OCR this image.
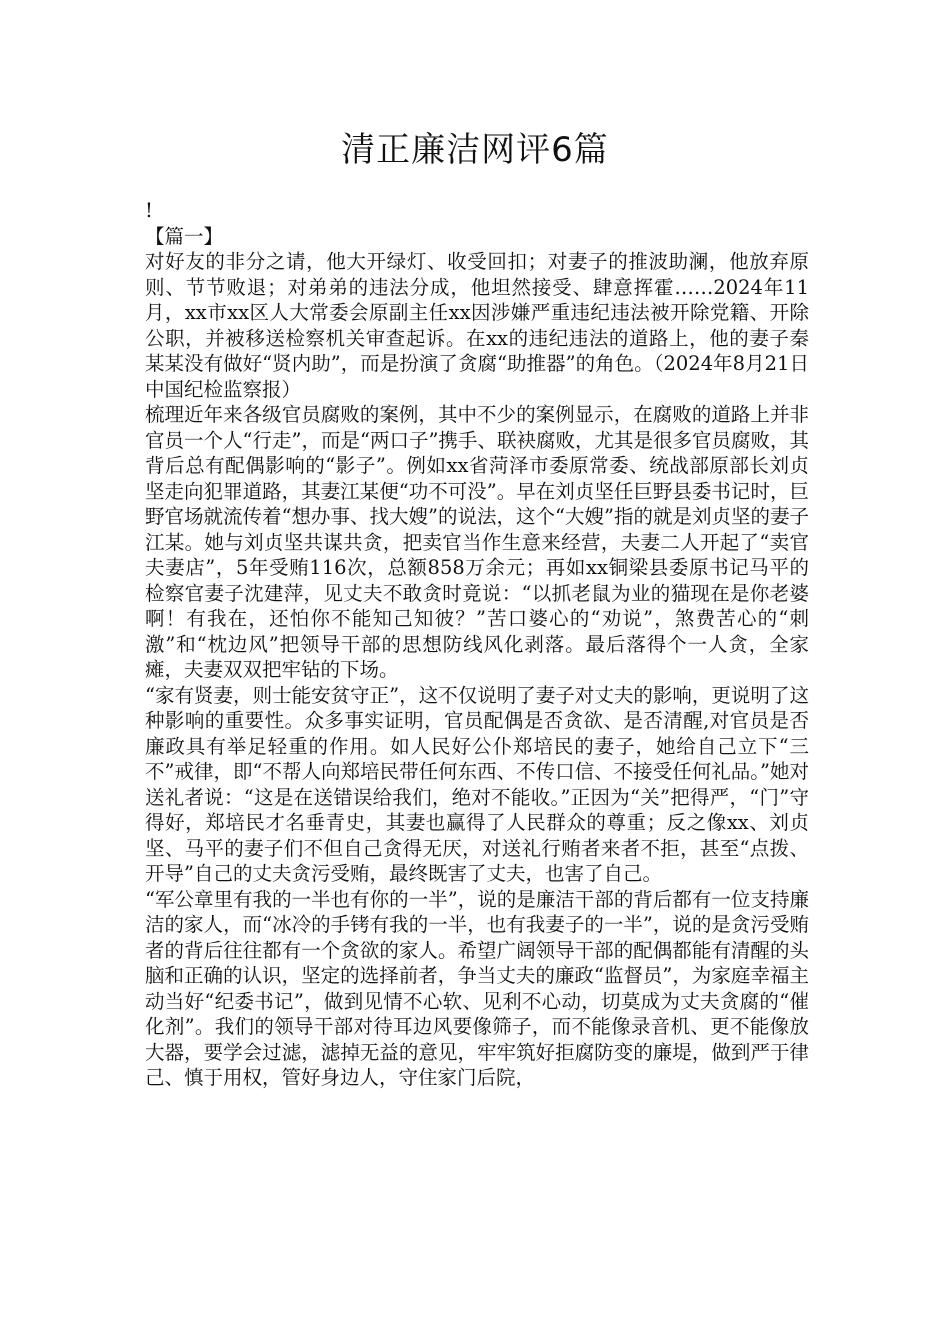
清正廉洁网评6篇

!

【篇一】

对好友的非分之请，他大开绿灯、收受回扣；对妻子的推波助澜，他放弃原则、节节败退；对弟弟的违法分成，他坦然接受、肆意挥霍……2024年11月，xx市xx区人大常委会原副主任xx因涉嫌严重违纪违法被开除党籍、开除公职，并被移送检察机关审查起诉。在xx的违纪违法的道路上，他的妻子秦某某没有做好“贤内助”，而是扮演了贪腐“助推器”的角色。（2024年8月21日中国纪检监察报）

梳理近年来各级官员腐败的案例，其中不少的案例显示，在腐败的道路上并非官员一个人“行走”，而是“两口子”携手、联袂腐败，尤其是很多官员腐败，其背后总有配偶影响的“影子”。例如xx省菏泽市委原常委、统战部原部长刘贞坚走向犯罪道路，其妻江某便“功不可没”。早在刘贞坚任巨野县委书记时，巨野官场就流传着“想办事、找大嫂”的说法，这个“大嫂”指的就是刘贞坚的妻子江某。她与刘贞坚共谋共贪，把卖官当作生意来经营，夫妻二人开起了“卖官夫妻店”，5年受贿116次，总额858万余元；再如xx铜梁县委原书记马平的检察官妻子沈建萍，见丈夫不敢贪时竟说：“以抓老鼠为业的猫现在是你老婆啊！有我在，还怕你不能知己知彼？”苦口婆心的“劝说”，煞费苦心的“刺激”和“枕边风”把领导干部的思想防线风化剥落。最后落得个一人贪，全家瘫，夫妻双双把牢钻的下场。

“家有贤妻，则士能安贫守正”，这不仅说明了妻子对丈夫的影响，更说明了这种影响的重要性。众多事实证明，官员配偶是否贪欲、是否清醒,对官员是否廉政具有举足轻重的作用。如人民好公仆郑培民的妻子，她给自己立下“三不”戒律，即“不帮人向郑培民带任何东西、不传口信、不接受任何礼品。”她对送礼者说：“这是在送错误给我们，绝对不能收。”正因为“关”把得严，“门”守得好，郑培民才名垂青史，其妻也赢得了人民群众的尊重；反之像xx、刘贞坚、马平的妻子们不但自己贪得无厌，对送礼行贿者来者不拒，甚至“点拨、开导”自己的丈夫贪污受贿，最终既害了丈夫，也害了自己。

“军公章里有我的一半也有你的一半”，说的是廉洁干部的背后都有一位支持廉洁的家人，而“冰冷的手铐有我的一半，也有我妻子的一半”，说的是贪污受贿者的背后往往都有一个贪欲的家人。希望广阔领导干部的配偶都能有清醒的头脑和正确的认识，坚定的选择前者，争当丈夫的廉政“监督员”，为家庭幸福主动当好“纪委书记”，做到见情不心软、见利不心动，切莫成为丈夫贪腐的“催化剂”。我们的领导干部对待耳边风要像筛子，而不能像录音机、更不能像放大器，要学会过滤，滤掉无益的意见，牢牢筑好拒腐防变的廉堤，做到严于律己、慎于用权，管好身边人，守住家门后院，
